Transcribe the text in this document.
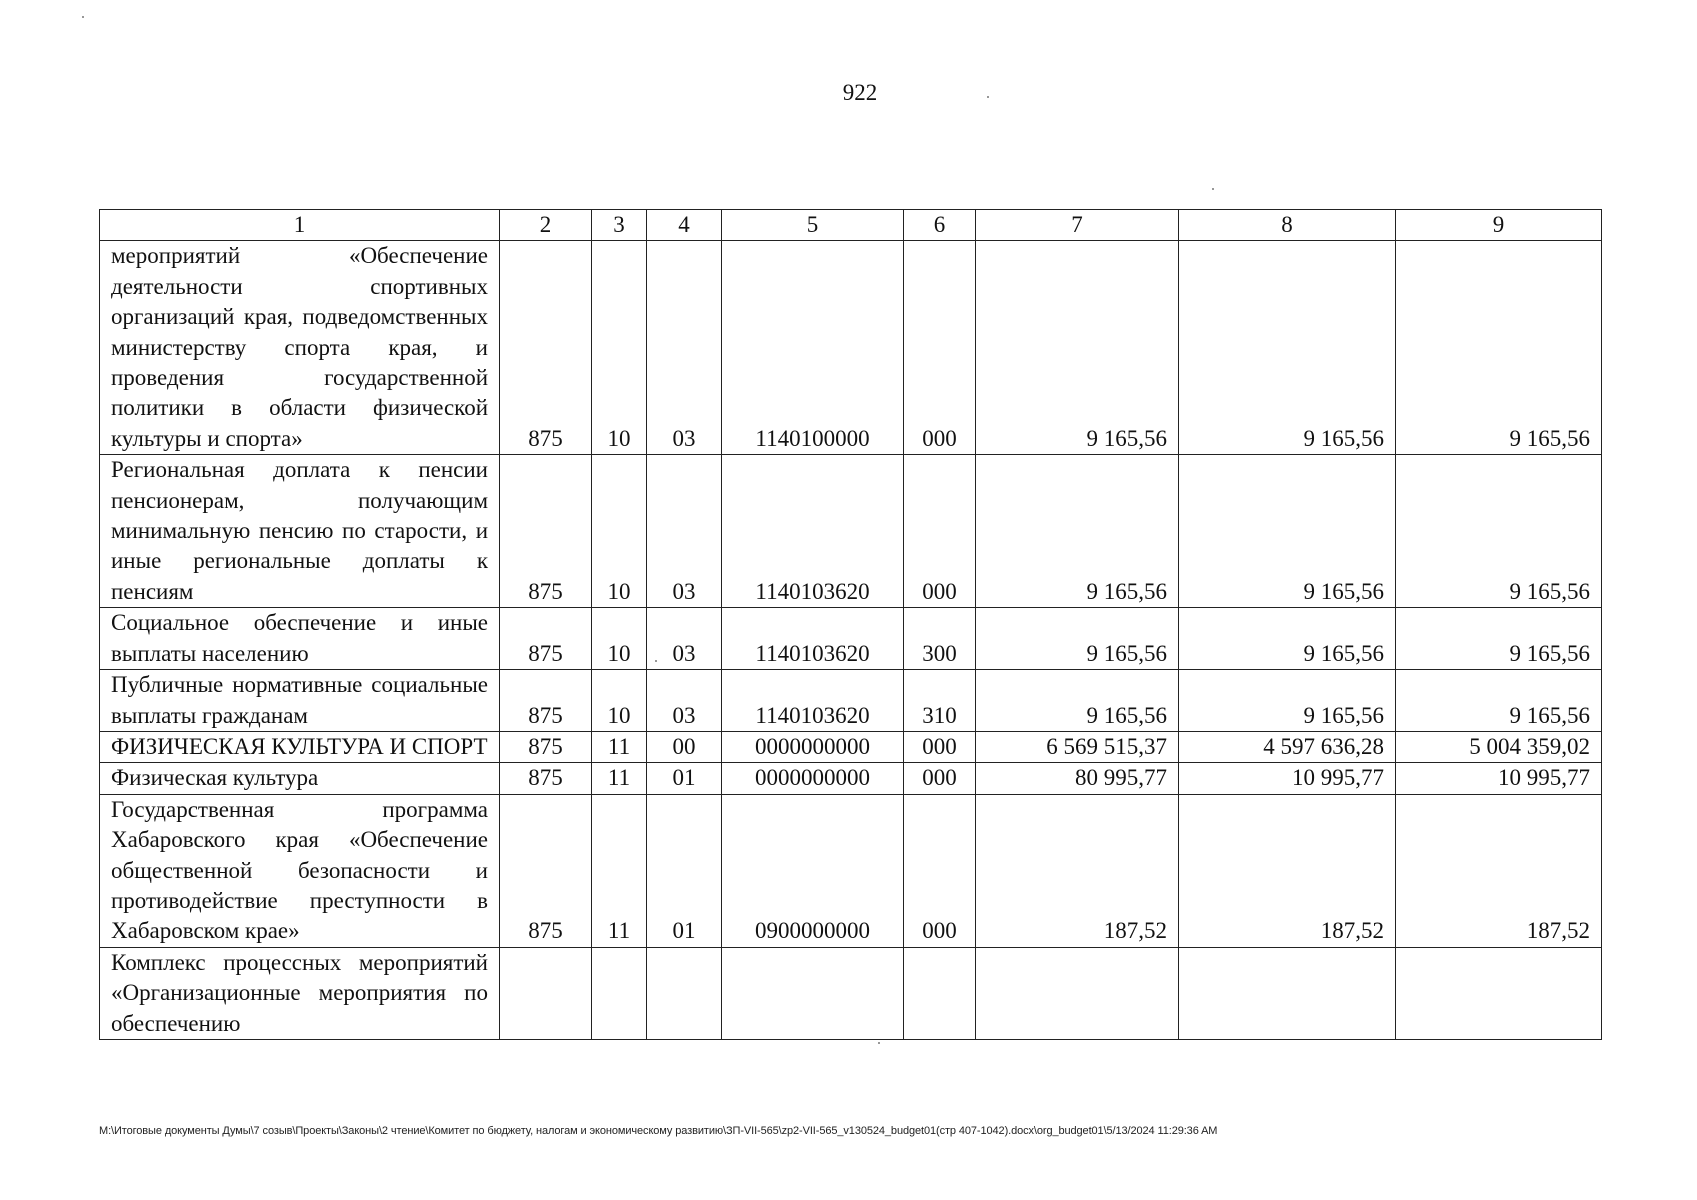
922
1	2	3	4	5	6	7	8	9
мероприятий «Обеспечение деятельности спортивных организаций края, подведомственных министерству спорта края, и проведения государственной политики в области физической культуры и спорта»	875	10	03	1140100000	000	9 165,56	9 165,56	9 165,56
Региональная доплата к пенсии пенсионерам, получающим минимальную пенсию по старости, и иные региональные доплаты к пенсиям	875	10	03	1140103620	000	9 165,56	9 165,56	9 165,56
Социальное обеспечение и иные выплаты населению	875	10	03	1140103620	300	9 165,56	9 165,56	9 165,56
Публичные нормативные социальные выплаты гражданам	875	10	03	1140103620	310	9 165,56	9 165,56	9 165,56
ФИЗИЧЕСКАЯ КУЛЬТУРА И СПОРТ	875	11	00	0000000000	000	6 569 515,37	4 597 636,28	5 004 359,02
Физическая культура	875	11	01	0000000000	000	80 995,77	10 995,77	10 995,77
Государственная программа Хабаровского края «Обеспечение общественной безопасности и противодействие преступности в Хабаровском крае»	875	11	01	0900000000	000	187,52	187,52	187,52
Комплекс процессных мероприятий «Организационные мероприятия по обеспечению								
M:\Итоговые документы Думы\7 созыв\Проекты\Законы\2 чтение\Комитет по бюджету, налогам и экономическому развитию\ЗП-VII-565\zp2-VII-565_v130524_budget01(стр 407-1042).docx\org_budget01\5/13/2024 11:29:36 AM
